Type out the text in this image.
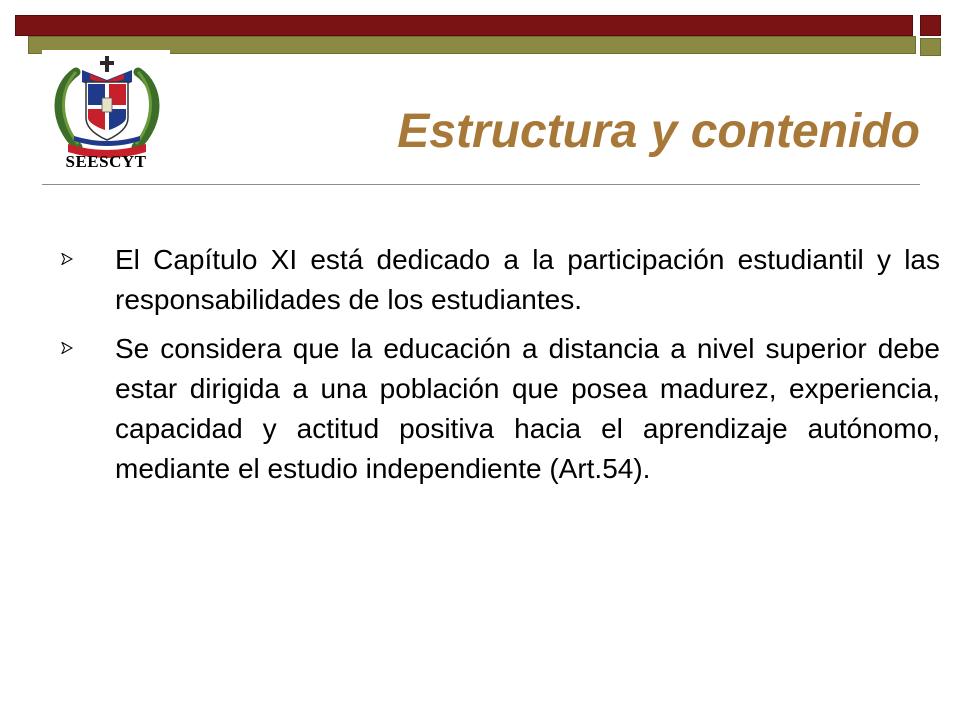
SEESCYT
Estructura y contenido
El Capítulo XI está dedicado a la participación estudiantil y las responsabilidades de los estudiantes.
Se considera que la educación a distancia a nivel superior debe estar dirigida a una población que posea madurez, experiencia, capacidad y actitud positiva hacia el aprendizaje autónomo, mediante el estudio independiente (Art.54).
